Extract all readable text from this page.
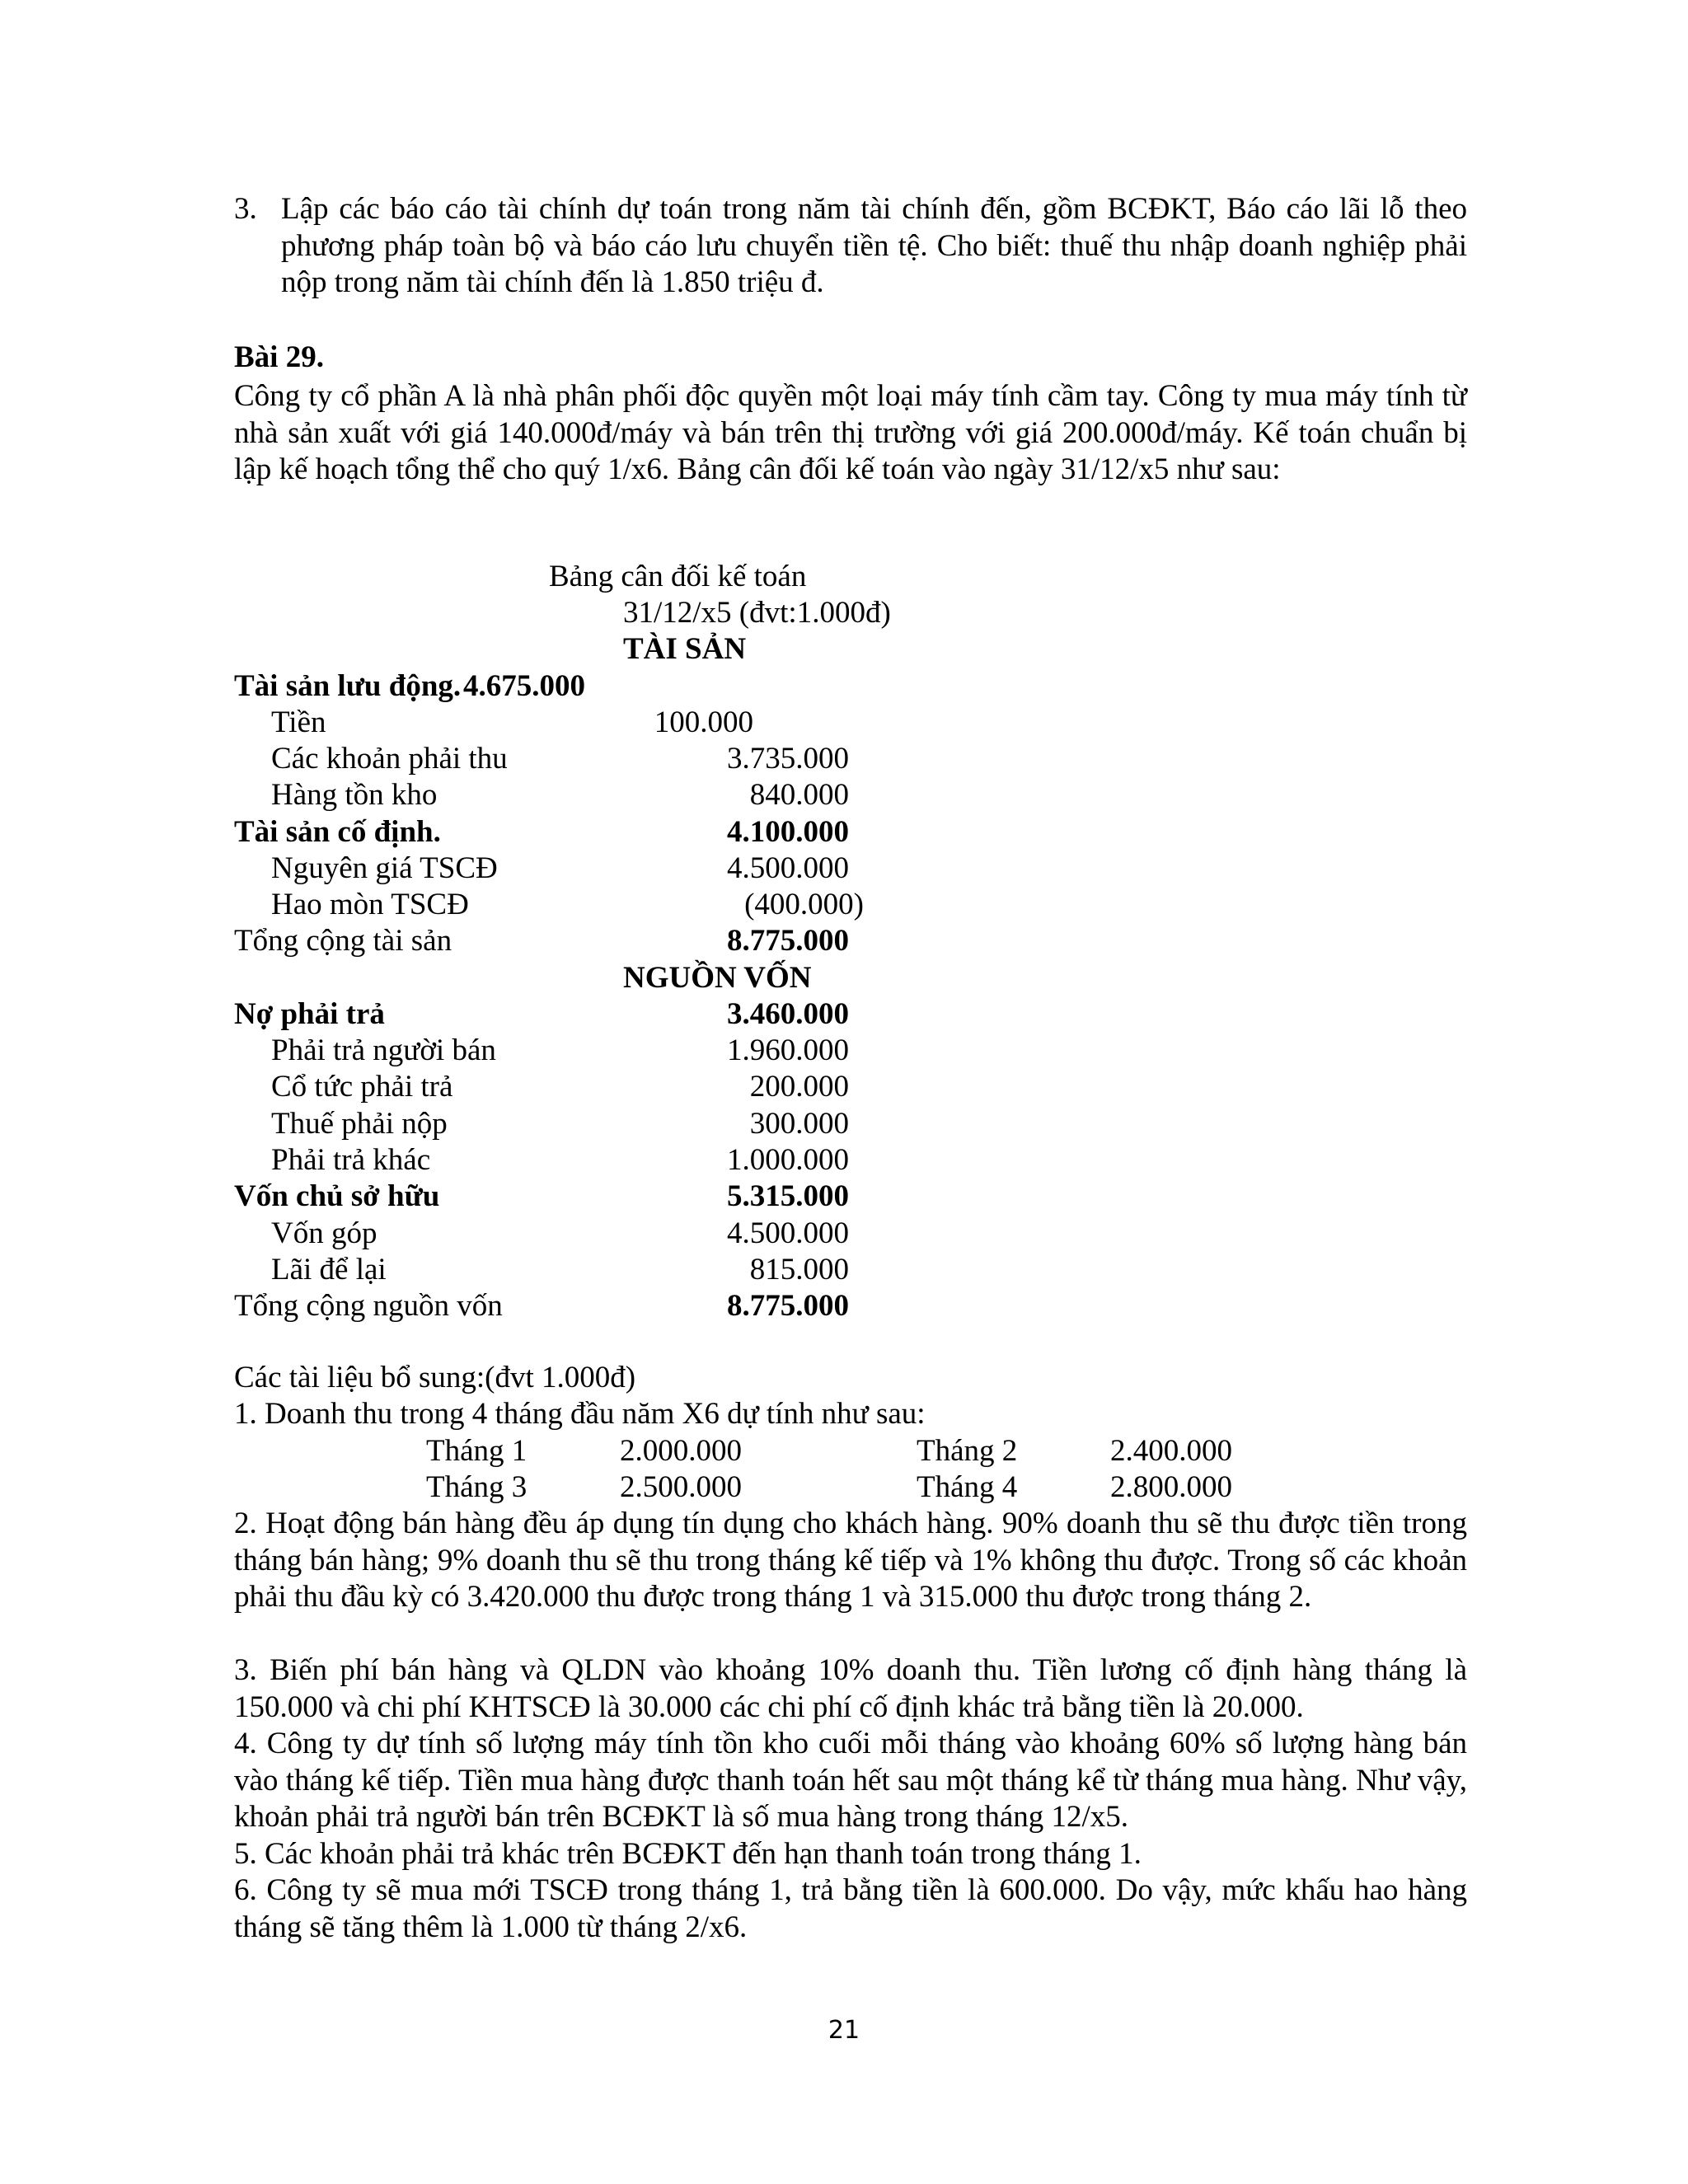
3. Lập các báo cáo tài chính dự toán trong năm tài chính đến, gồm BCĐKT, Báo cáo lãi lỗ theo phương pháp toàn bộ và báo cáo lưu chuyển tiền tệ. Cho biết: thuế thu nhập doanh nghiệp phải nộp trong năm tài chính đến là 1.850 triệu đ.
Bài 29.
Công ty cổ phần A là nhà phân phối độc quyền một loại máy tính cầm tay. Công ty mua máy tính từ nhà sản xuất với giá 140.000đ/máy và bán trên thị trường với giá 200.000đ/máy. Kế toán chuẩn bị lập kế hoạch tổng thể cho quý 1/x6. Bảng cân đối kế toán vào ngày 31/12/x5 như sau:
Bảng cân đối kế toán
31/12/x5 (đvt:1.000đ)
TÀI SẢN
Tài sản lưu động. 4.675.000
Tiền	100.000
Các khoản phải thu	3.735.000
Hàng tồn kho	840.000
Tài sản cố định.	4.100.000
Nguyên giá TSCĐ	4.500.000
Hao mòn TSCĐ	(400.000)
Tổng cộng tài sản	8.775.000
NGUỒN VỐN
Nợ phải trả	3.460.000
Phải trả người bán	1.960.000
Cổ tức phải trả	200.000
Thuế phải nộp	300.000
Phải trả khác	1.000.000
Vốn chủ sở hữu	5.315.000
Vốn góp	4.500.000
Lãi để lại	815.000
Tổng cộng nguồn vốn	8.775.000
Các tài liệu bổ sung:(đvt 1.000đ)
1. Doanh thu trong 4 tháng đầu năm X6 dự tính như sau:
Tháng 1	2.000.000	Tháng 2	2.400.000
Tháng 3	2.500.000	Tháng 4	2.800.000
2. Hoạt động bán hàng đều áp dụng tín dụng cho khách hàng. 90% doanh thu sẽ thu được tiền trong tháng bán hàng; 9% doanh thu sẽ thu trong tháng kế tiếp và 1% không thu được. Trong số các khoản phải thu đầu kỳ có 3.420.000 thu được trong tháng 1 và 315.000 thu được trong tháng 2.
3. Biến phí bán hàng và QLDN vào khoảng 10% doanh thu. Tiền lương cố định hàng tháng là 150.000 và chi phí KHTSCĐ là 30.000 các chi phí cố định khác trả bằng tiền là 20.000.
4. Công ty dự tính số lượng máy tính tồn kho cuối mỗi tháng vào khoảng 60% số lượng hàng bán vào tháng kế tiếp. Tiền mua hàng được thanh toán hết sau một tháng kể từ tháng mua hàng. Như vậy, khoản phải trả người bán trên BCĐKT là số mua hàng trong tháng 12/x5.
5. Các khoản phải trả khác trên BCĐKT đến hạn thanh toán trong tháng 1.
6. Công ty sẽ mua mới TSCĐ trong tháng 1, trả bằng tiền là 600.000. Do vậy, mức khấu hao hàng tháng sẽ tăng thêm là 1.000 từ tháng 2/x6.
21
